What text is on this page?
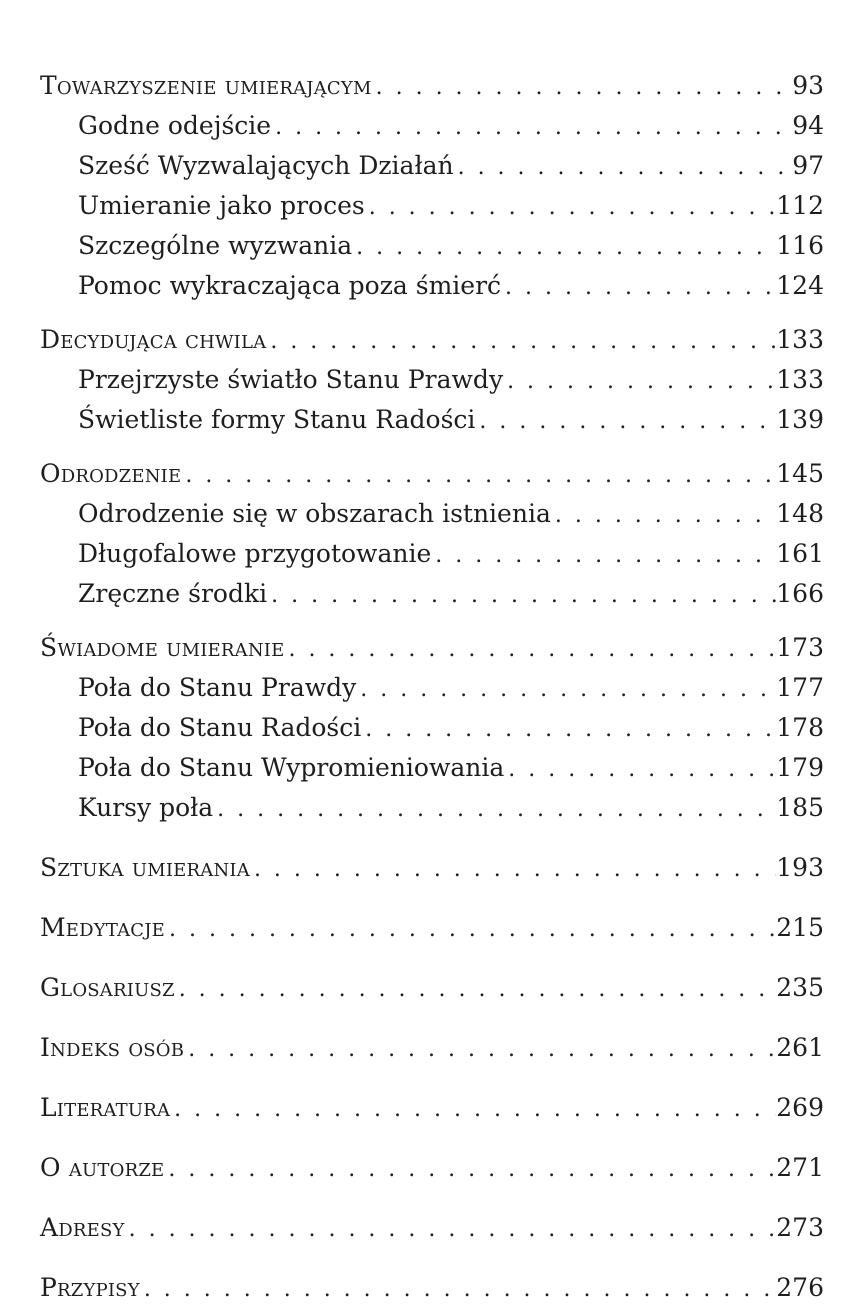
Towarzyszenie umierającym . . .	93
Godne odejście . . .	94
Sześć Wyzwalających Działań . . .	97
Umieranie jako proces . . .	112
Szczególne wyzwania . . .	116
Pomoc wykraczająca poza śmierć . . .	124
Decydująca chwila . . .	133
Przejrzyste światło Stanu Prawdy . . .	133
Świetliste formy Stanu Radości . . .	139
Odrodzenie . . .	145
Odrodzenie się w obszarach istnienia . . .	148
Długofalowe przygotowanie . . .	161
Zręczne środki . . .	166
Świadome umieranie . . .	173
Poła do Stanu Prawdy . . .	177
Poła do Stanu Radości . . .	178
Poła do Stanu Wypromieniowania . . .	179
Kursy poła . . .	185
Sztuka umierania . . .	193
Medytacje . . .	215
Glosariusz . . .	235
Indeks osób . . .	261
Literatura . . .	269
O autorze . . .	271
Adresy . . .	273
Przypisy . . .	276
